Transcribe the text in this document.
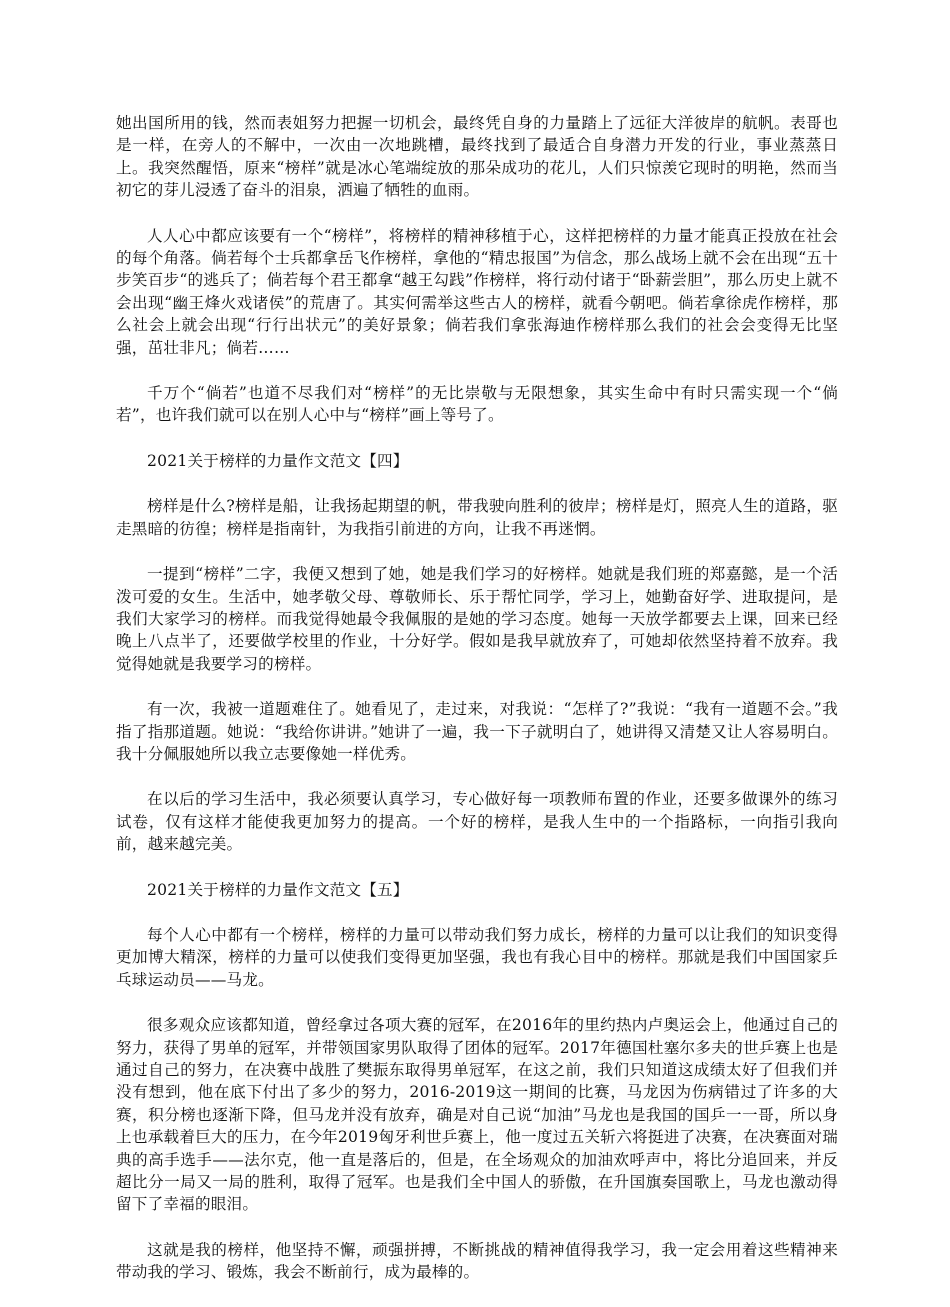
她出国所用的钱，然而表姐努力把握一切机会，最终凭自身的力量踏上了远征大洋彼岸的航帆。表哥也是一样，在旁人的不解中，一次由一次地跳槽，最终找到了最适合自身潜力开发的行业，事业蒸蒸日上。我突然醒悟，原来“榜样”就是冰心笔端绽放的那朵成功的花儿，人们只惊羡它现时的明艳，然而当初它的芽儿浸透了奋斗的泪泉，洒遍了牺牲的血雨。

人人心中都应该要有一个“榜样”，将榜样的精神移植于心，这样把榜样的力量才能真正投放在社会的每个角落。倘若每个士兵都拿岳飞作榜样，拿他的“精忠报国”为信念，那么战场上就不会在出现“五十步笑百步“的逃兵了；倘若每个君王都拿“越王勾践”作榜样，将行动付诸于“卧薪尝胆”，那么历史上就不会出现“幽王烽火戏诸侯”的荒唐了。其实何需举这些古人的榜样，就看今朝吧。倘若拿徐虎作榜样，那么社会上就会出现“行行出状元”的美好景象；倘若我们拿张海迪作榜样那么我们的社会会变得无比坚强，茁壮非凡；倘若……

千万个“倘若”也道不尽我们对“榜样”的无比崇敬与无限想象，其实生命中有时只需实现一个“倘若”，也许我们就可以在别人心中与“榜样”画上等号了。

2021关于榜样的力量作文范文【四】

榜样是什么?榜样是船，让我扬起期望的帆，带我驶向胜利的彼岸；榜样是灯，照亮人生的道路，驱走黑暗的彷徨；榜样是指南针，为我指引前进的方向，让我不再迷惘。

一提到“榜样”二字，我便又想到了她，她是我们学习的好榜样。她就是我们班的郑嘉懿，是一个活泼可爱的女生。生活中，她孝敬父母、尊敬师长、乐于帮忙同学，学习上，她勤奋好学、进取提问，是我们大家学习的榜样。而我觉得她最令我佩服的是她的学习态度。她每一天放学都要去上课，回来已经晚上八点半了，还要做学校里的作业，十分好学。假如是我早就放弃了，可她却依然坚持着不放弃。我觉得她就是我要学习的榜样。

有一次，我被一道题难住了。她看见了，走过来，对我说：“怎样了?”我说：“我有一道题不会。”我指了指那道题。她说：“我给你讲讲。”她讲了一遍，我一下子就明白了，她讲得又清楚又让人容易明白。我十分佩服她所以我立志要像她一样优秀。

在以后的学习生活中，我必须要认真学习，专心做好每一项教师布置的作业，还要多做课外的练习试卷，仅有这样才能使我更加努力的提高。一个好的榜样，是我人生中的一个指路标，一向指引我向前，越来越完美。

2021关于榜样的力量作文范文【五】

每个人心中都有一个榜样，榜样的力量可以带动我们努力成长，榜样的力量可以让我们的知识变得更加博大精深，榜样的力量可以使我们变得更加坚强，我也有我心目中的榜样。那就是我们中国国家乒乓球运动员——马龙。

很多观众应该都知道，曾经拿过各项大赛的冠军，在2016年的里约热内卢奥运会上，他通过自己的努力，获得了男单的冠军，并带领国家男队取得了团体的冠军。2017年德国杜塞尔多夫的世乒赛上也是通过自己的努力，在决赛中战胜了樊振东取得男单冠军，在这之前，我们只知道这成绩太好了但我们并没有想到，他在底下付出了多少的努力，2016-2019这一期间的比赛，马龙因为伤病错过了许多的大赛，积分榜也逐渐下降，但马龙并没有放弃，确是对自己说“加油”马龙也是我国的国乒一一哥，所以身上也承载着巨大的压力，在今年2019匈牙利世乒赛上，他一度过五关斩六将挺进了决赛，在决赛面对瑞典的高手选手——法尔克，他一直是落后的，但是，在全场观众的加油欢呼声中，将比分追回来，并反超比分一局又一局的胜利，取得了冠军。也是我们全中国人的骄傲，在升国旗奏国歌上，马龙也激动得留下了幸福的眼泪。

这就是我的榜样，他坚持不懈，顽强拼搏，不断挑战的精神值得我学习，我一定会用着这些精神来带动我的学习、锻炼，我会不断前行，成为最棒的。
